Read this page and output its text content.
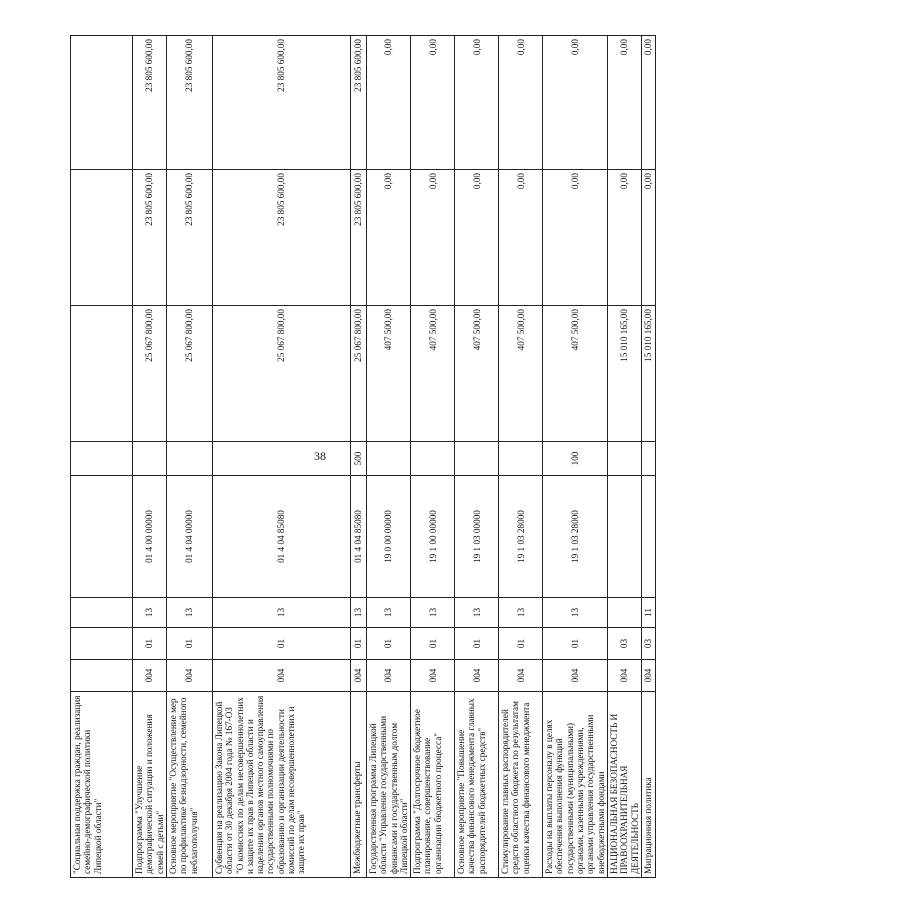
38
"Социальная поддержка граждан, реализация семейно-демографической политики Липецкой области"								
Подпрограмма "Улучшение демографической ситуации и положения семей с детьми"	004	01	13	01 4 00 00000		25 067 800,00	23 805 600,00	23 805 600,00
Основное мероприятие "Осуществление мер по профилактике безнадзорности, семейного неблагополучия"	004	01	13	01 4 04 00000		25 067 800,00	23 805 600,00	23 805 600,00
Субвенция на реализацию Закона Липецкой области от 30 декабря 2004 года № 167-ОЗ "О комиссиях по делам несовершеннолетних и защите их прав в Липецкой области и наделении органов местного самоуправления государственными полномочиями по образованию и организации деятельности комиссий по делам несовершеннолетних и защите их прав"	004	01	13	01 4 04 85080		25 067 800,00	23 805 600,00	23 805 600,00
Межбюджетные трансферты	004	01	13	01 4 04 85080	500	25 067 800,00	23 805 600,00	23 805 600,00
Государственная программа Липецкой области "Управление государственными финансами и государственным долгом Липецкой области"	004	01	13	19 0 00 00000		407 500,00	0,00	0,00
Подпрограмма "Долгосрочное бюджетное планирование, совершенствование организации бюджетного процесса"	004	01	13	19 1 00 00000		407 500,00	0,00	0,00
Основное мероприятие "Повышение качества финансового менеджмента главных распорядителей бюджетных средств"	004	01	13	19 1 03 00000		407 500,00	0,00	0,00
Стимулирование главных распорядителей средств областного бюджета по результатам оценки качества финансового менеджмента	004	01	13	19 1 03 28000		407 500,00	0,00	0,00
Расходы на выплаты персоналу в целях обеспечения выполнения функций государственными (муниципальными) органами, казенными учреждениями, органами управления государственными внебюджетными фондами	004	01	13	19 1 03 28000	100	407 500,00	0,00	0,00
НАЦИОНАЛЬНАЯ БЕЗОПАСНОСТЬ И ПРАВООХРАНИТЕЛЬНАЯ ДЕЯТЕЛЬНОСТЬ	004	03				15 010 165,00	0,00	0,00
Миграционная политика	004	03	11			15 010 165,00	0,00	0,00
